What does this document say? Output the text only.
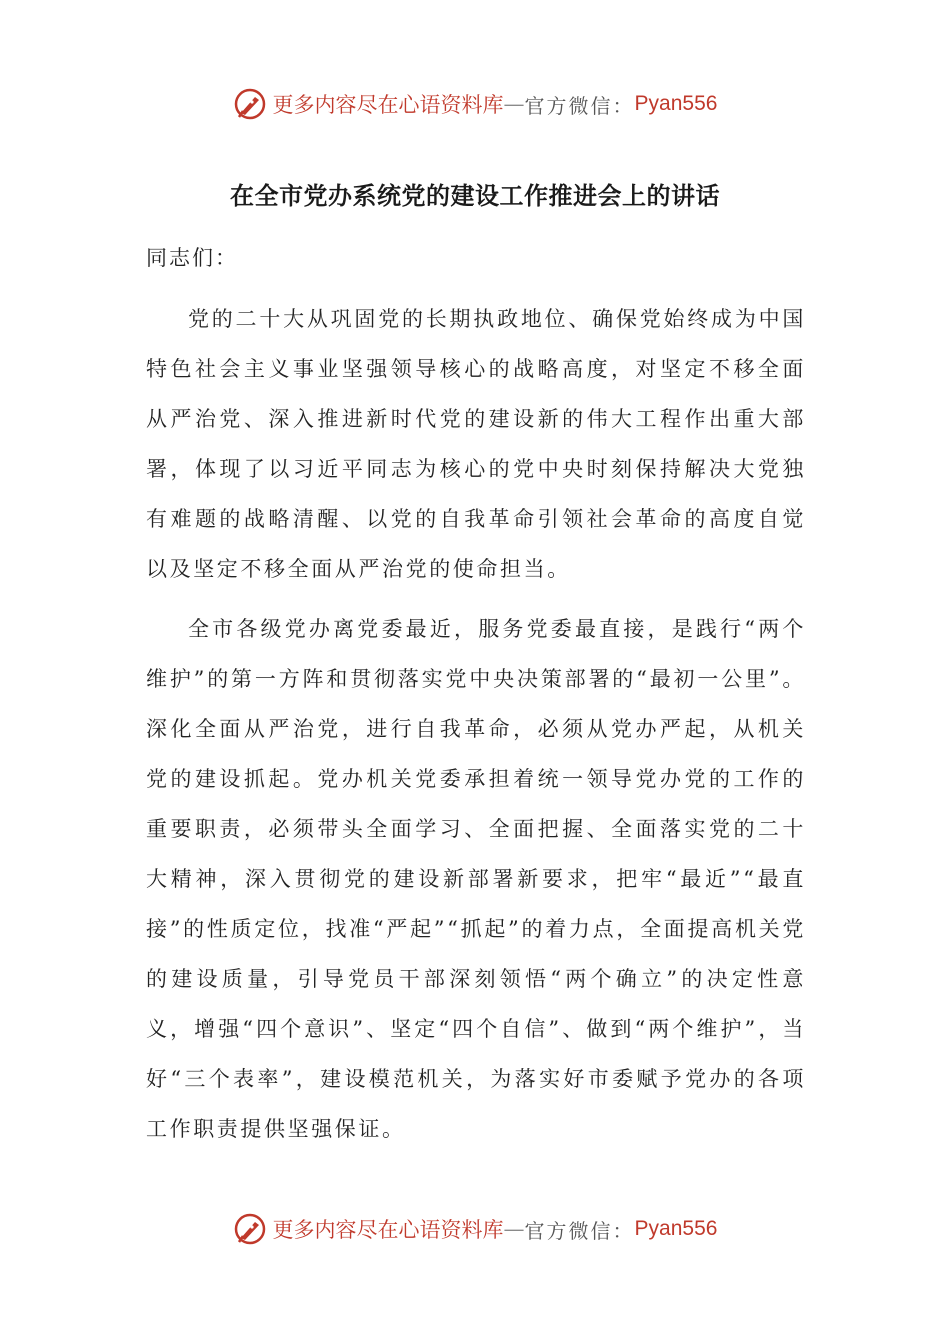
更多内容尽在心语资料库 — 官方微信： Pyan556
在全市党办系统党的建设工作推进会上的讲话
同志们：

党的二十大从巩固党的长期执政地位、确保党始终成为中国特色社会主义事业坚强领导核心的战略高度，对坚定不移全面从严治党、深入推进新时代党的建设新的伟大工程作出重大部署，体现了以习近平同志为核心的党中央时刻保持解决大党独有难题的战略清醒、以党的自我革命引领社会革命的高度自觉以及坚定不移全面从严治党的使命担当。

全市各级党办离党委最近，服务党委最直接，是践行“两个维护”的第一方阵和贯彻落实党中央决策部署的“最初一公里”。深化全面从严治党，进行自我革命，必须从党办严起，从机关党的建设抓起。党办机关党委承担着统一领导党办党的工作的重要职责，必须带头全面学习、全面把握、全面落实党的二十大精神，深入贯彻党的建设新部署新要求，把牢“最近”“最直接”的性质定位，找准“严起”“抓起”的着力点，全面提高机关党的建设质量，引导党员干部深刻领悟“两个确立”的决定性意义，增强“四个意识”、坚定“四个自信”、做到“两个维护”，当好“三个表率”，建设模范机关，为落实好市委赋予党办的各项工作职责提供坚强保证。

更多内容尽在心语资料库 — 官方微信： Pyan556
